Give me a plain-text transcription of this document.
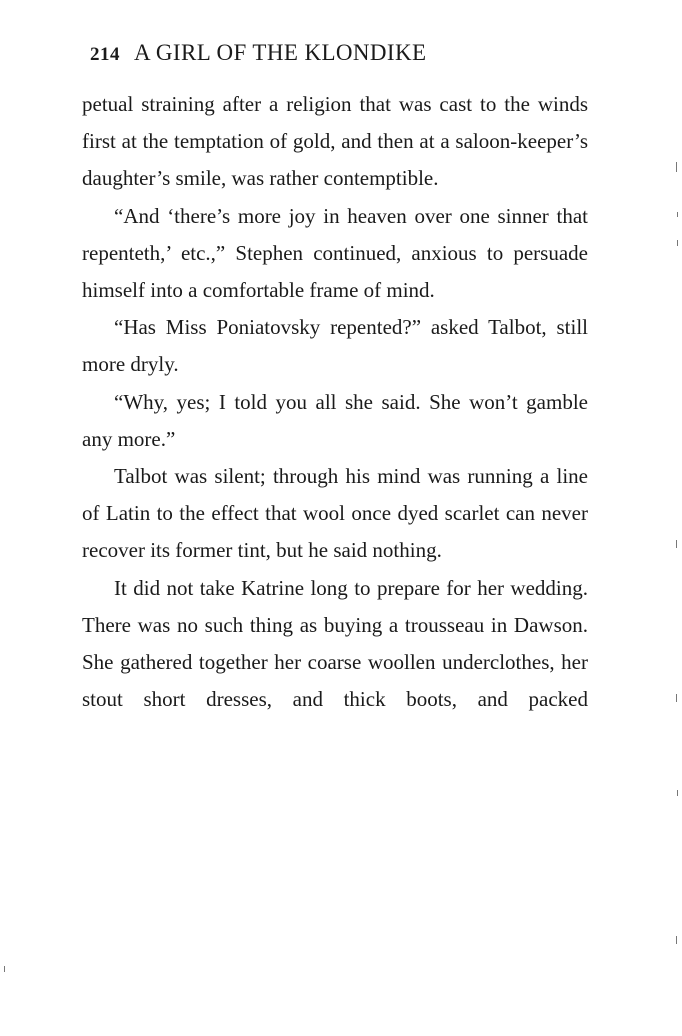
214 A GIRL OF THE KLONDIKE

petual straining after a religion that was cast to the winds first at the temptation of gold, and then at a saloon-keeper’s daughter’s smile, was rather contemptible.

“And ‘there’s more joy in heaven over one sinner that repenteth,’ etc.,” Stephen continued, anxious to persuade himself into a comfortable frame of mind.

“Has Miss Poniatovsky repented?” asked Talbot, still more dryly.

“Why, yes; I told you all she said. She won’t gamble any more.”

Talbot was silent; through his mind was running a line of Latin to the effect that wool once dyed scarlet can never recover its former tint, but he said nothing.

It did not take Katrine long to prepare for her wedding. There was no such thing as buying a trousseau in Dawson. She gathered together her coarse woollen underclothes, her stout short dresses, and thick boots, and packed
